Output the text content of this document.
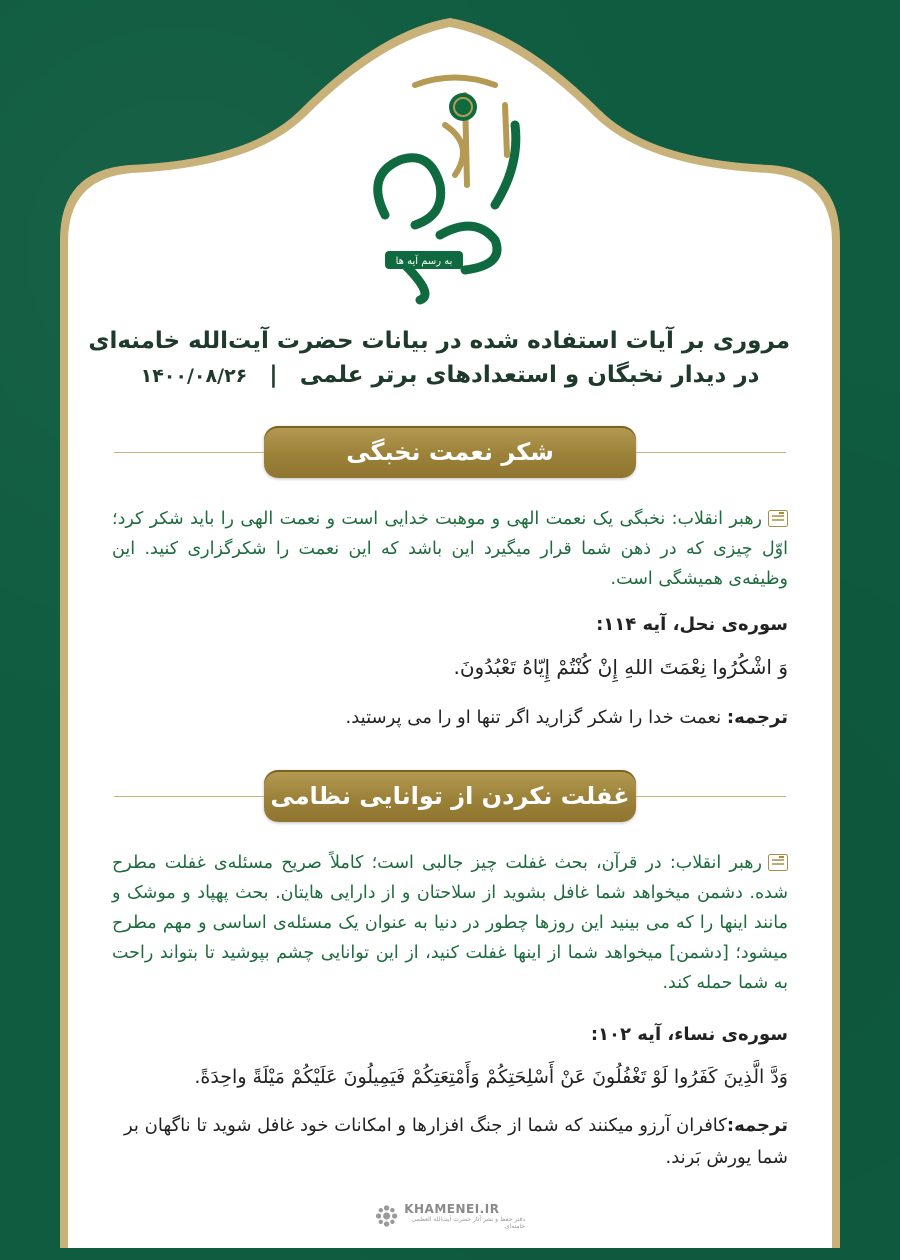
به رسم آیه ها
مروری بر آیات استفاده شده در بیانات حضرت آیت‌الله خامنه‌ای
در دیدار نخبگان و استعدادهای برتر علمی | ۱۴۰۰/۰۸/۲۶
شکر نعمت نخبگی
رهبر انقلاب: نخبگی یک نعمت الهی و موهبت خدایی است و نعمت الهی را باید شکر کرد؛ اوّل چیزی که در ذهن شما قرار میگیرد این باشد که این نعمت را شکرگزاری کنید. این وظیفه‌ی همیشگی است.
سوره‌ی نحل، آیه ۱۱۴:
وَ اشْكُرُوا نِعْمَتَ اللهِ إِنْ كُنْتُمْ إِيّاهُ تَعْبُدُونَ.
ترجمه: نعمت خدا را شکر گزارید اگر تنها او را می پرستید.
غفلت نکردن از توانایی نظامی
رهبر انقلاب: در قرآن، بحث غفلت چیز جالبی است؛ کاملاً صریح مسئله‌ی غفلت مطرح شده. دشمن میخواهد شما غافل بشوید از سلاحتان و از دارایی هایتان. بحث پهپاد و موشک و مانند اینها را که می بینید این روزها چطور در دنیا به عنوان یک مسئله‌ی اساسی و مهم مطرح میشود؛ [دشمن] میخواهد شما از اینها غفلت کنید، از این توانایی چشم بپوشید تا بتواند راحت به شما حمله کند.
سوره‌ی نساء، آیه ۱۰۲:
وَدَّ الَّذِينَ كَفَرُوا لَوْ تَغْفُلُونَ عَنْ أَسْلِحَتِكُمْ وَأَمْتِعَتِكُمْ فَيَمِيلُونَ عَلَيْكُمْ مَيْلَةً واحِدَةً.
ترجمه:کافران آرزو میکنند که شما از جنگ افزارها و امکانات خود غافل شوید تا ناگهان بر شما یورش بَرند.
KHAMENEI.IR
دفتر حفظ و نشر آثار حضرت آیت‌الله العظمی خامنه‌ای
